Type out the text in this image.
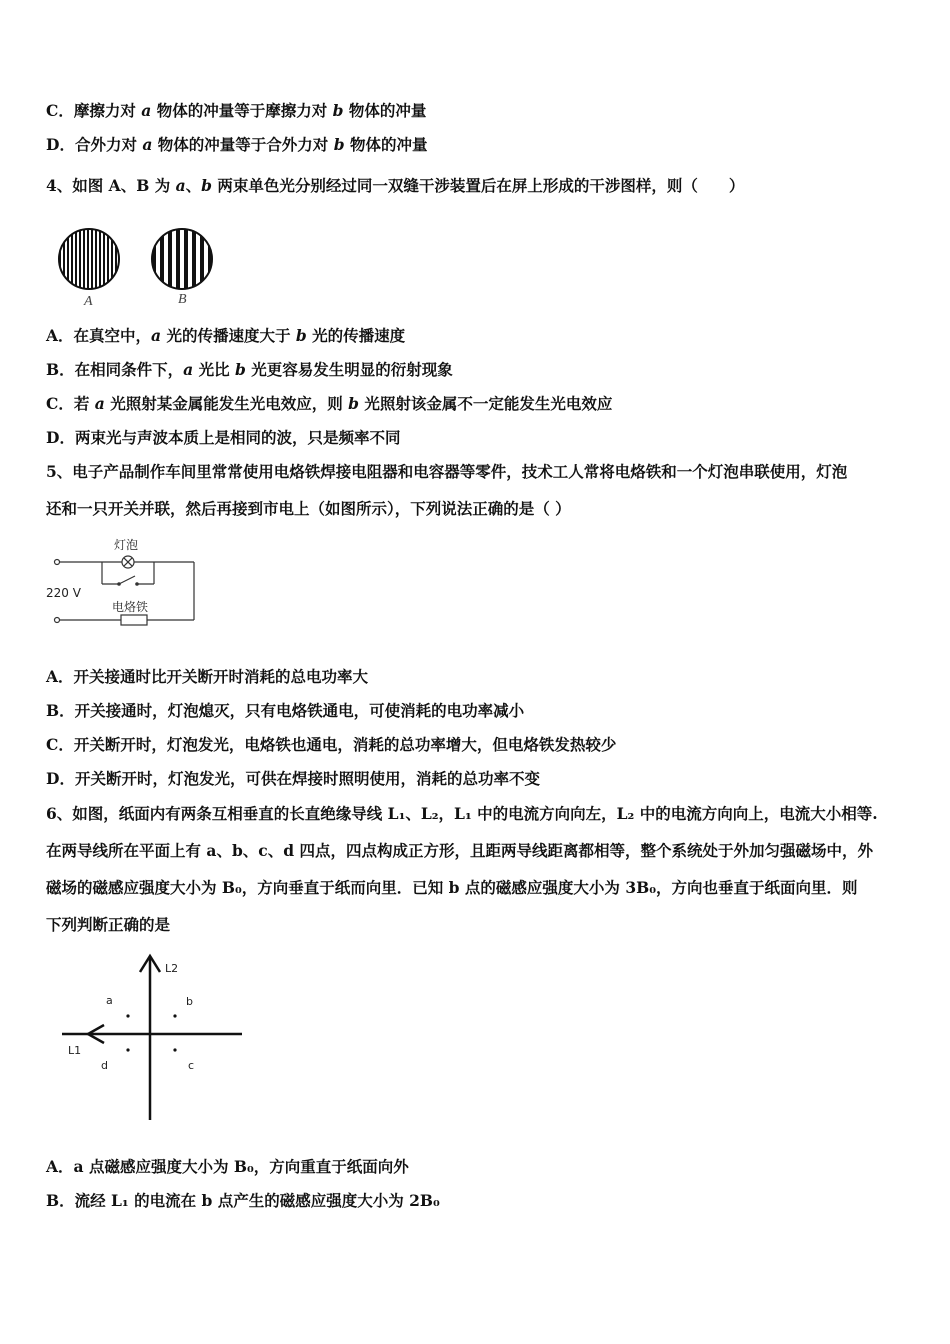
C．摩擦力对 a 物体的冲量等于摩擦力对 b 物体的冲量
D．合外力对 a 物体的冲量等于合外力对 b 物体的冲量
4、如图 A、B 为 a、b 两束单色光分别经过同一双缝干涉装置后在屏上形成的干涉图样，则（　　）
A	B
A．在真空中，a 光的传播速度大于 b 光的传播速度
B．在相同条件下，a 光比 b 光更容易发生明显的衍射现象
C．若 a 光照射某金属能发生光电效应，则 b 光照射该金属不一定能发生光电效应
D．两束光与声波本质上是相同的波，只是频率不同
5、电子产品制作车间里常常使用电烙铁焊接电阻器和电容器等零件，技术工人常将电烙铁和一个灯泡串联使用，灯泡
还和一只开关并联，然后再接到市电上（如图所示），下列说法正确的是（ ）
灯泡
220 V
电烙铁
A．开关接通时比开关断开时消耗的总电功率大
B．开关接通时，灯泡熄灭，只有电烙铁通电，可使消耗的电功率减小
C．开关断开时，灯泡发光，电烙铁也通电，消耗的总功率增大，但电烙铁发热较少
D．开关断开时，灯泡发光，可供在焊接时照明使用，消耗的总功率不变
6、如图，纸面内有两条互相垂直的长直绝缘导线 L₁、L₂，L₁ 中的电流方向向左，L₂ 中的电流方向向上，电流大小相等.
在两导线所在平面上有 a、b、c、d 四点，四点构成正方形，且距两导线距离都相等，整个系统处于外加匀强磁场中，外
磁场的磁感应强度大小为 B₀，方向垂直于纸而向里．已知 b 点的磁感应强度大小为 3B₀，方向也垂直于纸面向里．则
下列判断正确的是
L2
L1
a	b
c
d
A．a 点磁感应强度大小为 B₀，方向重直于纸面向外
B．流经 L₁ 的电流在 b 点产生的磁感应强度大小为 2B₀
